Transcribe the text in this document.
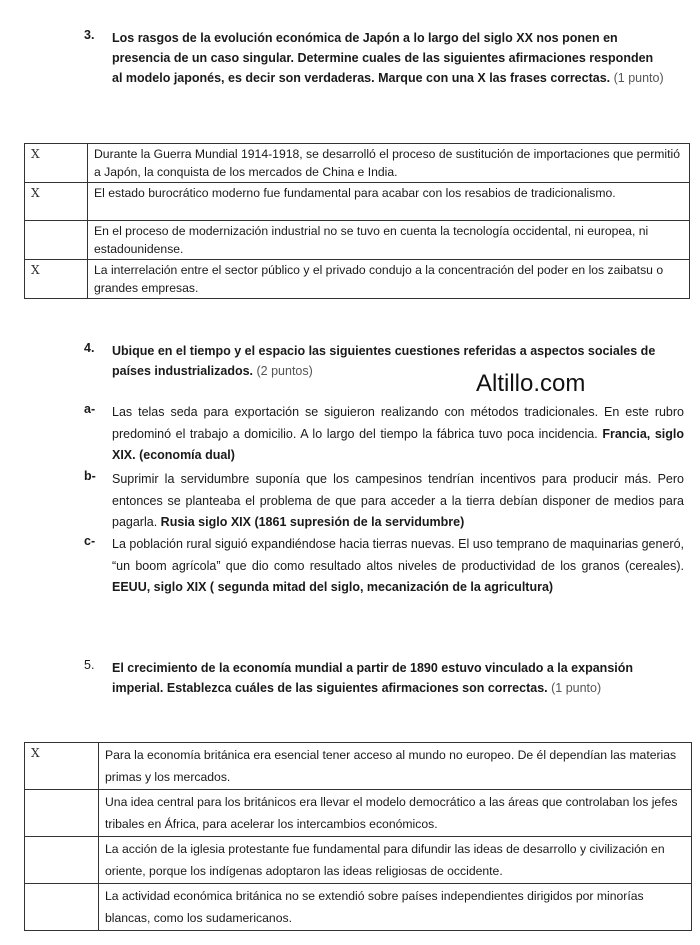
3. Los rasgos de la evolución económica de Japón a lo largo del siglo XX nos ponen en presencia de un caso singular. Determine cuales de las siguientes afirmaciones responden al modelo japonés, es decir son verdaderas. Marque con una X las frases correctas. (1 punto)
X	Durante la Guerra Mundial 1914-1918, se desarrolló el proceso de sustitución de importaciones que permitió a Japón, la conquista de los mercados de China e India.
X	El estado burocrático moderno fue fundamental para acabar con los resabios de tradicionalismo.
	En el proceso de modernización industrial no se tuvo en cuenta la tecnología occidental, ni europea, ni estadounidense.
X	La interrelación entre el sector público y el privado condujo a la concentración del poder en los zaibatsu o grandes empresas.
4. Ubique en el tiempo y el espacio las siguientes cuestiones referidas a aspectos sociales de países industrializados. (2 puntos)	Altillo.com
a- Las telas seda para exportación se siguieron realizando con métodos tradicionales. En este rubro predominó el trabajo a domicilio. A lo largo del tiempo la fábrica tuvo poca incidencia. Francia, siglo XIX. (economía dual)
b- Suprimir la servidumbre suponía que los campesinos tendrían incentivos para producir más. Pero entonces se planteaba el problema de que para acceder a la tierra debían disponer de medios para pagarla. Rusia siglo XIX (1861 supresión de la servidumbre)
c- La población rural siguió expandiéndose hacia tierras nuevas. El uso temprano de maquinarias generó, “un boom agrícola” que dio como resultado altos niveles de productividad de los granos (cereales). EEUU, siglo XIX ( segunda mitad del siglo, mecanización de la agricultura)
5. El crecimiento de la economía mundial a partir de 1890 estuvo vinculado a la expansión imperial. Establezca cuáles de las siguientes afirmaciones son correctas. (1 punto)
X	Para la economía británica era esencial tener acceso al mundo no europeo. De él dependían las materias primas y los mercados.
	Una idea central para los británicos era llevar el modelo democrático a las áreas que controlaban los jefes tribales en África, para acelerar los intercambios económicos.
	La acción de la iglesia protestante fue fundamental para difundir las ideas de desarrollo y civilización en oriente, porque los indígenas adoptaron las ideas religiosas de occidente.
	La actividad económica británica no se extendió sobre países independientes dirigidos por minorías blancas, como los sudamericanos.
